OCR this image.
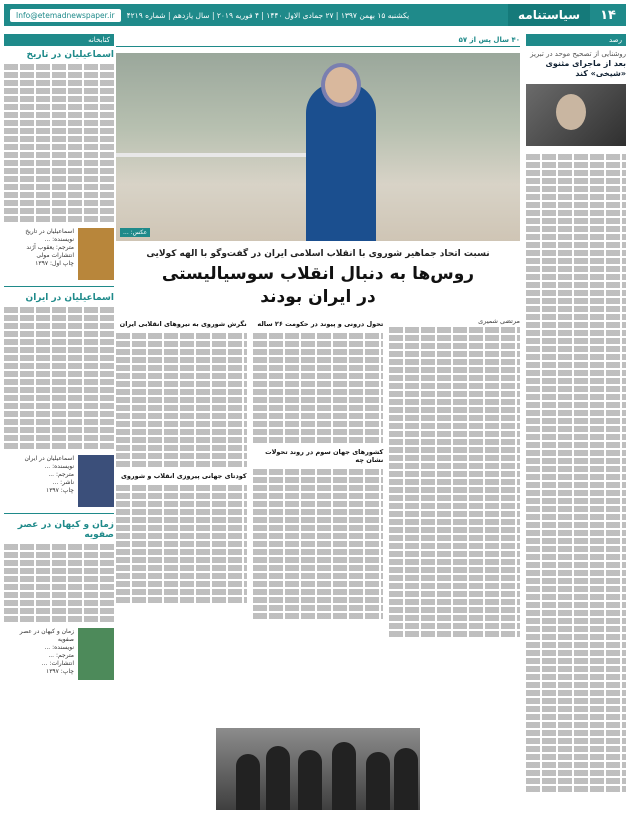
۱۴
سیاستنامه
یکشنبه ۱۵ بهمن ۱۳۹۷ | ۲۷ جمادی الاول ۱۴۴۰ | ۴ فوریه ۲۰۱۹ | سال یازدهم | شماره ۴۲۱۹
Info@etemadnewspaper.ir
رصد
روشنایی از تصحیح موحد در تبریز
بعد از ماجرای مثنوی «شیخی» کند
۴۰ سال پس از ۵۷
عکس: ...
نسبت اتحاد جماهیر شوروی با انقلاب اسلامی ایران در گفت‌وگو با الهه کولایی
روس‌ها به دنبال انقلاب سوسیالیستی
در ایران بودند
مرتضی شمیری
تحول درونی و پیوند در حکومت ۲۶ ساله
کشورهای جهان سوم در روند تحولات نشان چه
نگرش شوروی به نیروهای انقلابی ایران
کودتای جهانی پیروزی انقلاب و شوروی
کتابخانه
اسماعیلیان در تاریخ
اسماعیلیان در تاریخ
نویسنده: ...
مترجم: یعقوب آژند
انتشارات مولی
چاپ اول: ۱۳۹۷
اسماعیلیان در ایران
اسماعیلیان در ایران
نویسنده: ...
مترجم: ...
ناشر: ...
چاپ: ۱۳۹۷
زمان و کیهان در عصر صفویه
زمان و کیهان در عصر صفویه
نویسنده: ...
مترجم: ...
انتشارات: ...
چاپ: ۱۳۹۷
